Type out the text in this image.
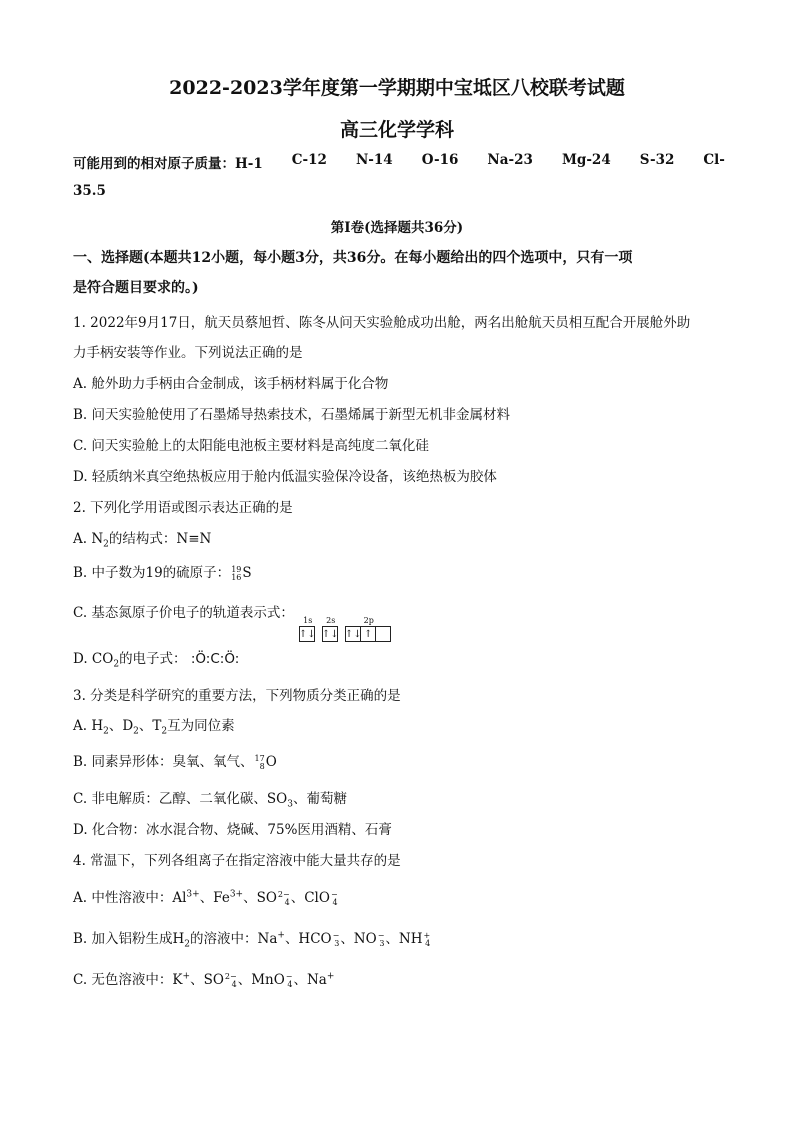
2022-2023学年度第一学期期中宝坻区八校联考试题
高三化学学科
可能用到的相对原子质量：H-1 C-12 N-14 O-16 Na-23 Mg-24 S-32 Cl-
35.5
第Ⅰ卷(选择题共36分)
一、选择题(本题共12小题，每小题3分，共36分。在每小题给出的四个选项中，只有一项
是符合题目要求的。)
1. 2022年9月17日，航天员蔡旭哲、陈冬从问天实验舱成功出舱，两名出舱航天员相互配合开展舱外助
力手柄安装等作业。下列说法正确的是
A. 舱外助力手柄由合金制成，该手柄材料属于化合物
B. 问天实验舱使用了石墨烯导热索技术，石墨烯属于新型无机非金属材料
C. 问天实验舱上的太阳能电池板主要材料是高纯度二氧化硅
D. 轻质纳米真空绝热板应用于舱内低温实验保冷设备，该绝热板为胶体
2. 下列化学用语或图示表达正确的是
A. $N_2$的结构式：N≡N
B. 中子数为19的硫原子： 19
16 S
C. 基态氮原子价电子的轨道表示式： 1s
↑↓
2s
↑↓
2p
↑↓ ↑
D. $CO_2$的电子式： :Ö:C:Ö:
3. 分类是科学研究的重要方法，下列物质分类正确的是
A. $H_2$、$D_2$、$T_2$互为同位素
B. 同素异形体：臭氧、氧气、 17
8 O
C. 非电解质：乙醇、二氧化碳、$SO_3$、葡萄糖
D. 化合物：冰水混合物、烧碱、75%医用酒精、石膏
4. 常温下，下列各组离子在指定溶液中能大量共存的是
A. 中性溶液中：$Al^{3+}$、$Fe^{3+}$、SO 2−
4 、ClO −
4
B. 加入铝粉生成$H_2$的溶液中：Na+、HCO −
3 、NO −
3 、NH +
4
C. 无色溶液中：K+、SO 2−
4 、MnO −
4 、Na+
